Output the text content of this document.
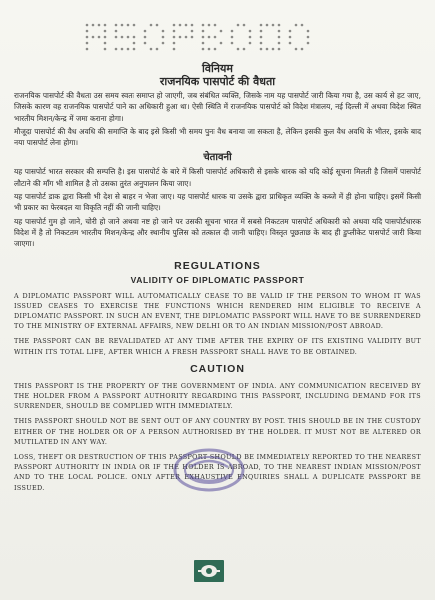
विनियम

राजनयिक पासपोर्ट की वैधता

राजनयिक पासपोर्ट की वैधता उस समय स्वतः समाप्त हो जाएगी, जब संबंधित व्यक्ति, जिसके नाम यह पासपोर्ट जारी किया गया है, उस कार्य से हट जाए, जिसके कारण वह राजनयिक पासपोर्ट पाने का अधिकारी हुआ था। ऐसी स्थिति में राजनयिक पासपोर्ट को विदेश मंत्रालय, नई दिल्ली में अथवा विदेश स्थित भारतीय मिशन/केन्द्र में जमा कराना होगा।

मौजूदा पासपोर्ट की वैध अवधि की समाप्ति के बाद इसे किसी भी समय पुनः वैध बनाया जा सकता है, लेकिन इसकी कुल वैध अवधि के भीतर, इसके बाद नया पासपोर्ट लेना होगा।

चेतावनी

यह पासपोर्ट भारत सरकार की सम्पत्ति है। इस पासपोर्ट के बारे में किसी पासपोर्ट अधिकारी से इसके धारक को यदि कोई सूचना मिलती है जिसमें पासपोर्ट लौटाने की माँग भी शामिल है तो उसका तुरंत अनुपालन किया जाए।

यह पासपोर्ट डाक द्वारा किसी भी देश से बाहर न भेजा जाए। यह पासपोर्ट धारक या उसके द्वारा प्राधिकृत व्यक्ति के कब्जे में ही होना चाहिए। इसमें किसी भी प्रकार का फेरबदल या विकृति नहीं की जानी चाहिए।

यह पासपोर्ट गुम हो जाने, चोरी हो जाने अथवा नष्ट हो जाने पर उसकी सूचना भारत में सबसे निकटतम पासपोर्ट अधिकारी को अथवा यदि पासपोर्टधारक विदेश में है तो निकटतम भारतीय मिशन/केन्द्र और स्थानीय पुलिस को तत्काल दी जानी चाहिए। विस्तृत पूछताछ के बाद ही डुप्लीकेट पासपोर्ट जारी किया जाएगा।

REGULATIONS

VALIDITY OF DIPLOMATIC PASSPORT

A DIPLOMATIC PASSPORT WILL AUTOMATICALLY CEASE TO BE VALID IF THE PERSON TO WHOM IT WAS ISSUED CEASES TO EXERCISE THE FUNCTIONS WHICH RENDERED HIM ELIGIBLE TO RECEIVE A DIPLOMATIC PASSPORT. IN SUCH AN EVENT, THE DIPLOMATIC PASSPORT WILL HAVE TO BE SURRENDERED TO THE MINISTRY OF EXTERNAL AFFAIRS, NEW DELHI OR TO AN INDIAN MISSION/POST ABROAD.

THE PASSPORT CAN BE REVALIDATED AT ANY TIME AFTER THE EXPIRY OF ITS EXISTING VALIDITY BUT WITHIN ITS TOTAL LIFE, AFTER WHICH A FRESH PASSPORT SHALL HAVE TO BE OBTAINED.

CAUTION

THIS PASSPORT IS THE PROPERTY OF THE GOVERNMENT OF INDIA. ANY COMMUNICATION RECEIVED BY THE HOLDER FROM A PASSPORT AUTHORITY REGARDING THIS PASSPORT, INCLUDING DEMAND FOR ITS SURRENDER, SHOULD BE COMPLIED WITH IMMEDIATELY.

THIS PASSPORT SHOULD NOT BE SENT OUT OF ANY COUNTRY BY POST. THIS SHOULD BE IN THE CUSTODY EITHER OF THE HOLDER OR OF A PERSON AUTHORISED BY THE HOLDER. IT MUST NOT BE ALTERED OR MUTILATED IN ANY WAY.

LOSS, THEFT OR DESTRUCTION OF THIS PASSPORT SHOULD BE IMMEDIATELY REPORTED TO THE NEAREST PASSPORT AUTHORITY IN INDIA OR IF THE HOLDER IS ABROAD, TO THE NEAREST INDIAN MISSION/POST AND TO THE LOCAL POLICE. ONLY AFTER EXHAUSTIVE ENQUIRIES SHALL A DUPLICATE PASSPORT BE ISSUED.
